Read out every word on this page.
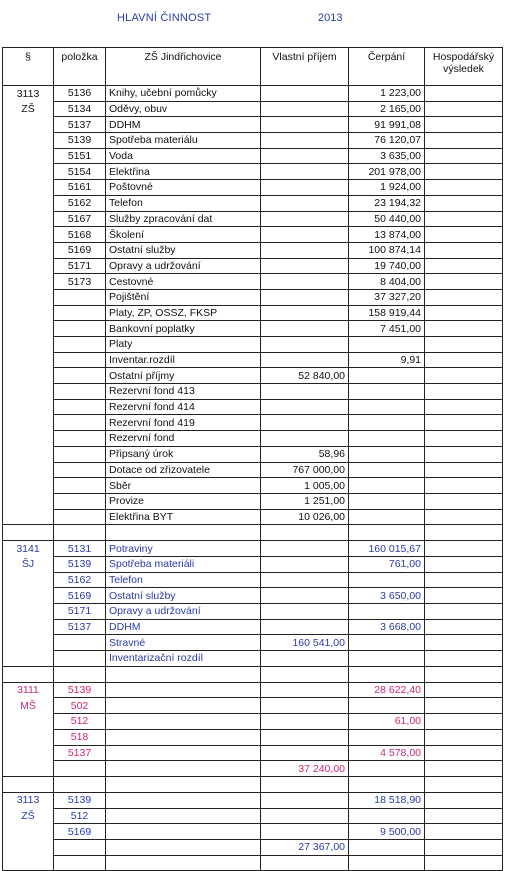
HLAVNÍ ČINNOST	2013
§	položka	ZŠ Jindřichovice	Vlastní příjem	Čerpání	Hospodářský výsledek
3113	5136	Knihy, učební pomůcky		1 223,00	
ZŠ	5134	Oděvy, obuv		2 165,00	
	5137	DDHM		91 991,08	
	5139	Spotřeba materiálu		76 120,07	
	5151	Voda		3 635,00	
	5154	Elektřina		201 978,00	
	5161	Poštovné		1 924,00	
	5162	Telefon		23 194,32	
	5167	Služby zpracování dat		50 440,00	
	5168	Školení		13 874,00	
	5169	Ostatní služby		100 874,14	
	5171	Opravy a udržování		19 740,00	
	5173	Cestovné		8 404,00	
		Pojištění		37 327,20	
		Platy, ZP, OSSZ, FKSP		158 919,44	
		Bankovní poplatky		7 451,00	
		Platy			
		Inventar.rozdíl		9,91	
		Ostatní příjmy	52 840,00		
		Rezervní fond 413			
		Rezervní fond 414			
		Rezervní fond 419			
		Rezervní fond			
		Připsaný úrok	58,96		
		Dotace od zřizovatele	767 000,00		
		Sběr	1 005,00		
		Provize	1 251,00		
		Elektřina BYT	10 026,00		

3141	5131	Potraviny		160 015,67	
ŠJ	5139	Spotřeba materiáli		761,00	
	5162	Telefon			
	5169	Ostatní služby		3 650,00	
	5171	Opravy a udržování			
	5137	DDHM		3 668,00	
		Stravné	160 541,00		
		Inventarizační rozdíl			

3111	5139			28 622,40	
MŠ	502				
	512			61,00	
	518				
	5137			4 578,00	
			37 240,00		

3113	5139			18 518,90	
ZŠ	512				
	5169			9 500,00	
			27 367,00		
